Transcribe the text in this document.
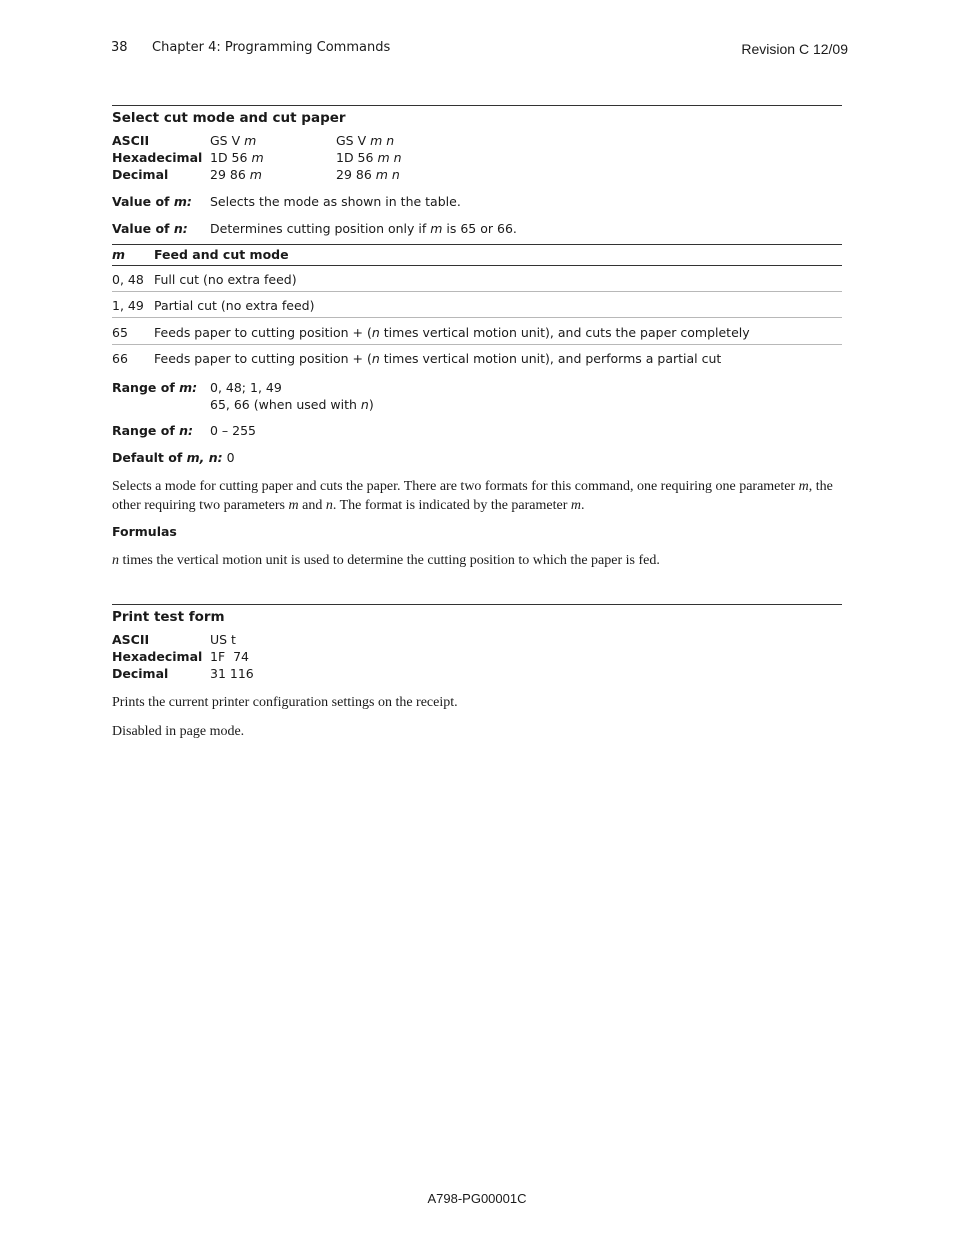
38 Chapter 4: Programming Commands	Revision C 12/09
Select cut mode and cut paper
ASCII	GS V m	GS V m n
Hexadecimal 1D 56 m	1D 56 m n
Decimal	29 86 m	29 86 m n
Value of m: Selects the mode as shown in the table.
Value of n: Determines cutting position only if m is 65 or 66.
m Feed and cut mode
0, 48 Full cut (no extra feed)
1, 49 Partial cut (no extra feed)
65 Feeds paper to cutting position + (n times vertical motion unit), and cuts the paper completely
66 Feeds paper to cutting position + (n times vertical motion unit), and performs a partial cut
Range of m: 0, 48; 1, 49
65, 66 (when used with n)
Range of n: 0 – 255
Default of m, n: 0
Selects a mode for cutting paper and cuts the paper. There are two formats for this command, one requiring one parameter m, the other requiring two parameters m and n. The format is indicated by the parameter m.
Formulas
n times the vertical motion unit is used to determine the cutting position to which the paper is fed.
Print test form
ASCII	US t
Hexadecimal 1F  74
Decimal	31 116
Prints the current printer configuration settings on the receipt.
Disabled in page mode.
A798-PG00001C
